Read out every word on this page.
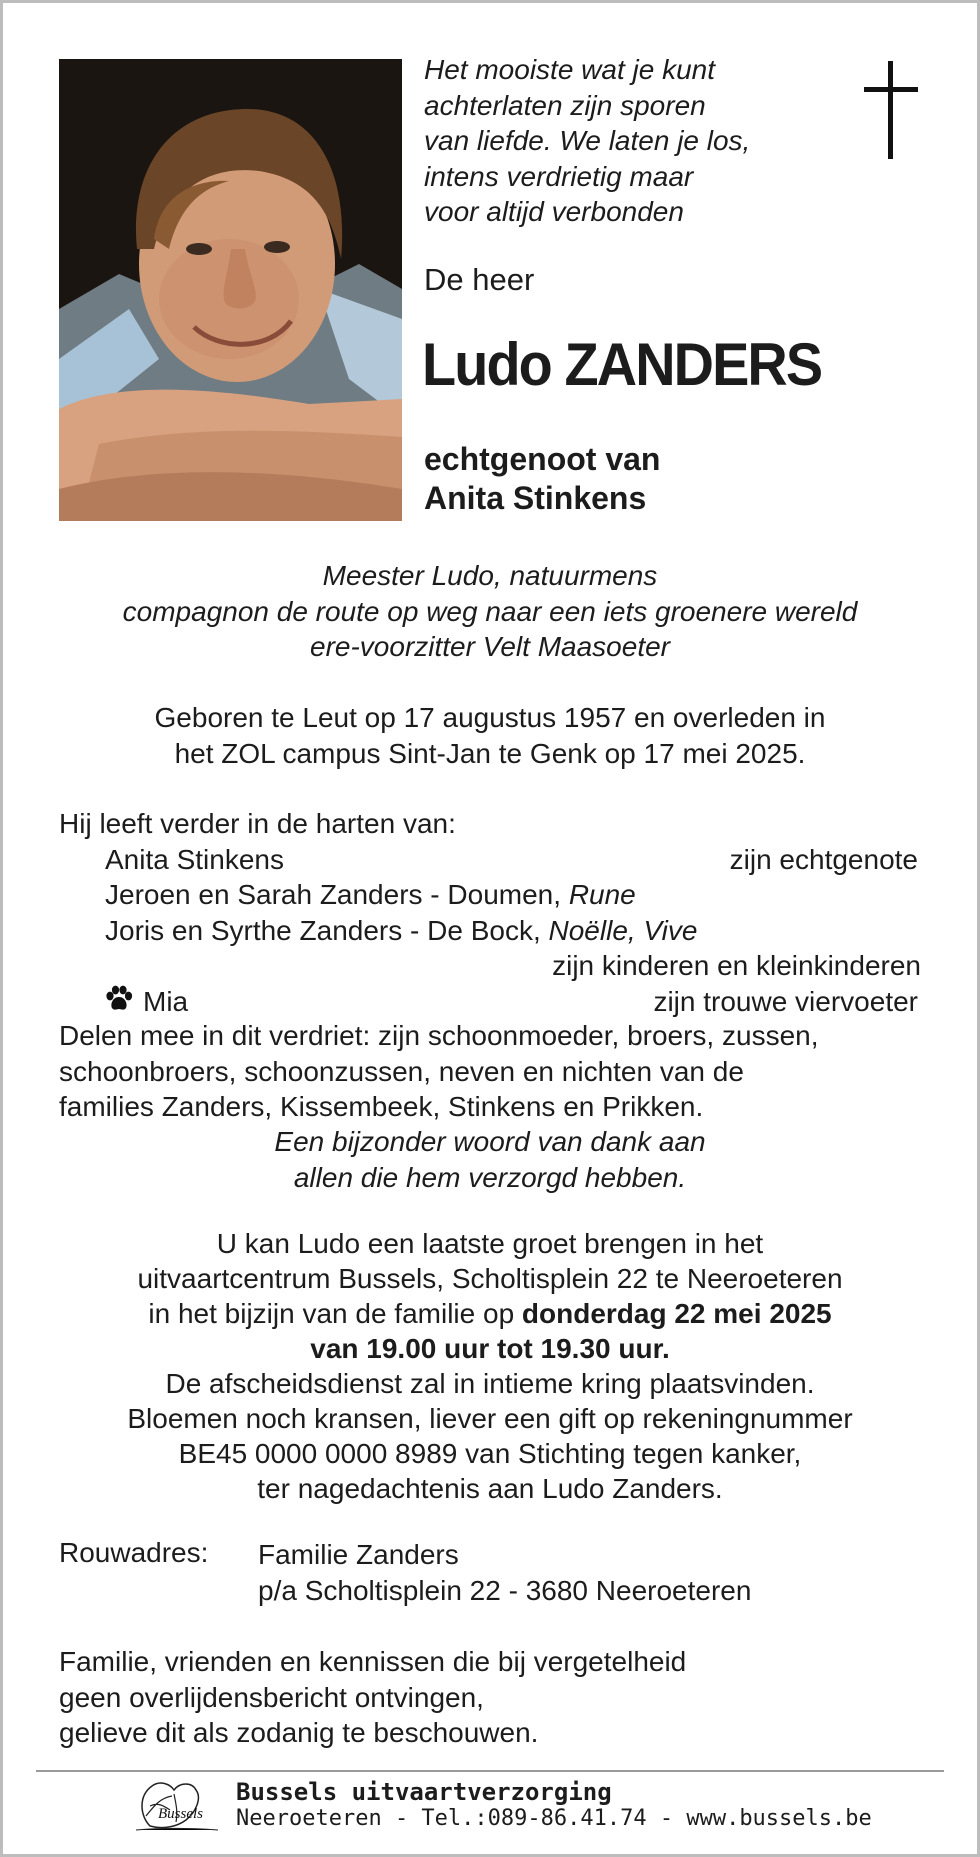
Het mooiste wat je kunt
achterlaten zijn sporen
van liefde. We laten je los,
intens verdrietig maar
voor altijd verbonden
De heer
Ludo ZANDERS
echtgenoot van
Anita Stinkens
Meester Ludo, natuurmens
compagnon de route op weg naar een iets groenere wereld
ere-voorzitter Velt Maasoeter
Geboren te Leut op 17 augustus 1957 en overleden in
het ZOL campus Sint-Jan te Genk op 17 mei 2025.
Hij leeft verder in de harten van:
Anita Stinkens	zijn echtgenote
Jeroen en Sarah Zanders - Doumen, Rune
Joris en Syrthe Zanders - De Bock, Noëlle, Vive
zijn kinderen en kleinkinderen
Mia	zijn trouwe viervoeter
Delen mee in dit verdriet: zijn schoonmoeder, broers, zussen,
schoonbroers, schoonzussen, neven en nichten van de
families Zanders, Kissembeek, Stinkens en Prikken.
Een bijzonder woord van dank aan
allen die hem verzorgd hebben.
U kan Ludo een laatste groet brengen in het
uitvaartcentrum Bussels, Scholtisplein 22 te Neeroeteren
in het bijzijn van de familie op donderdag 22 mei 2025
van 19.00 uur tot 19.30 uur.
De afscheidsdienst zal in intieme kring plaatsvinden.
Bloemen noch kransen, liever een gift op rekeningnummer
BE45 0000 0000 8989 van Stichting tegen kanker,
ter nagedachtenis aan Ludo Zanders.
Rouwadres: Familie Zanders
p/a Scholtisplein 22 - 3680 Neeroeteren
Familie, vrienden en kennissen die bij vergetelheid
geen overlijdensbericht ontvingen,
gelieve dit als zodanig te beschouwen.
Bussels
Bussels uitvaartverzorging
Neeroeteren - Tel.:089-86.41.74 - www.bussels.be
